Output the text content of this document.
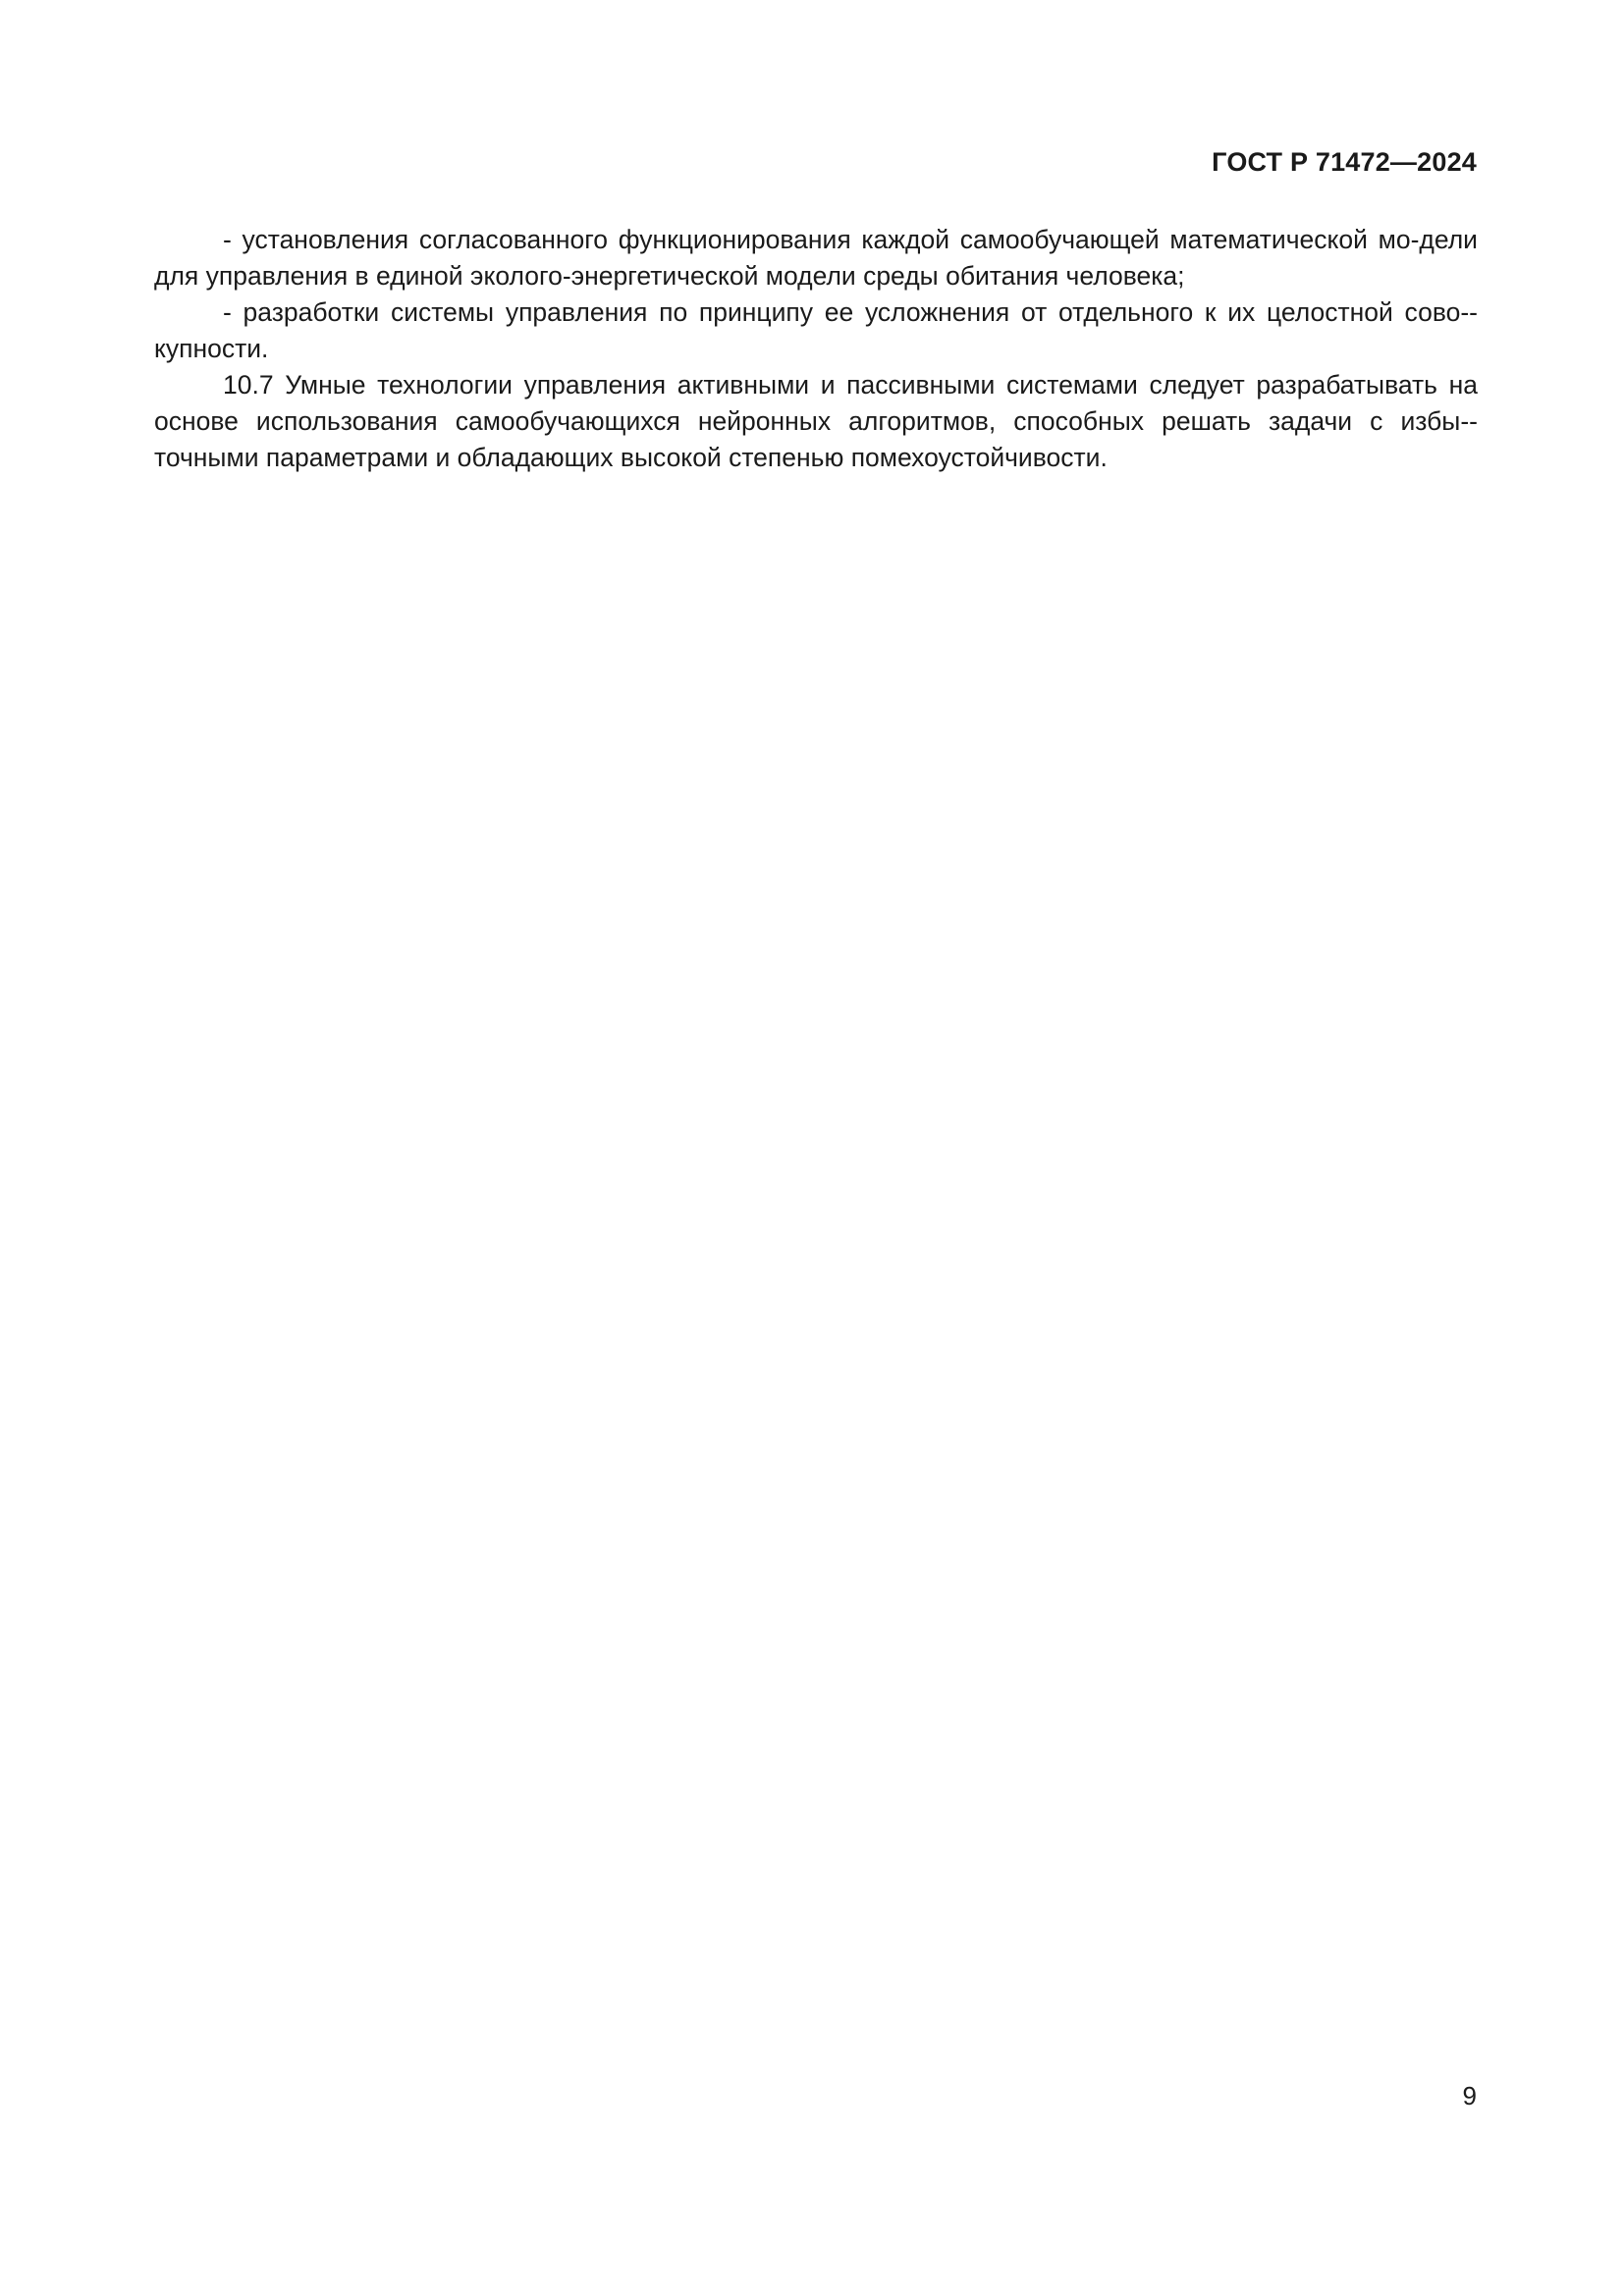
ГОСТ Р 71472—2024

- установления согласованного функционирования каждой самообучающей математической мо-дели для управления в единой эколого-энергетической модели среды обитания человека;

- разработки системы управления по принципу ее усложнения от отдельного к их целостной сово-купности.

10.7 Умные технологии управления активными и пассивными системами следует разрабатывать на основе использования самообучающихся нейронных алгоритмов, способных решать задачи с избы-точными параметрами и обладающих высокой степенью помехоустойчивости.

9
